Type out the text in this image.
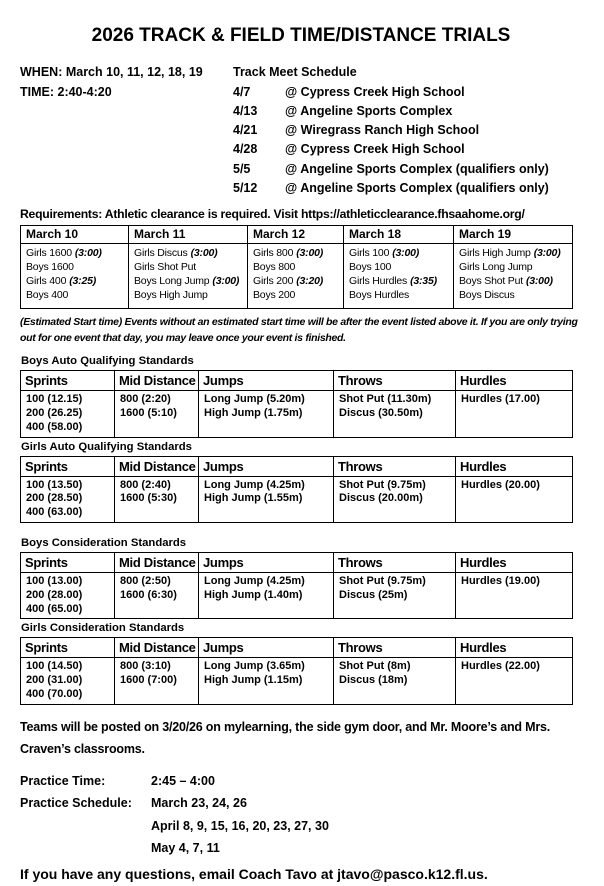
2026 TRACK & FIELD TIME/DISTANCE TRIALS
WHEN: March 10, 11, 12, 18, 19
TIME: 2:40-4:20
Track Meet Schedule
4/7	@ Cypress Creek High School
4/13	@ Angeline Sports Complex
4/21	@ Wiregrass Ranch High School
4/28	@ Cypress Creek High School
5/5	@ Angeline Sports Complex (qualifiers only)
5/12	@ Angeline Sports Complex (qualifiers only)
Requirements: Athletic clearance is required. Visit https://athleticclearance.fhsaahome.org/
March 10	March 11	March 12	March 18	March 19

Girls 1600 (3:00)
Boys 1600
Girls 400 (3:25)
Boys 400

Girls Discus (3:00)
Girls Shot Put
Boys Long Jump (3:00)
Boys High Jump

Girls 800 (3:00)
Boys 800
Girls 200 (3:20)
Boys 200

Girls 100 (3:00)
Boys 100
Girls Hurdles (3:35)
Boys Hurdles

Girls High Jump (3:00)
Girls Long Jump
Boys Shot Put (3:00)
Boys Discus
(Estimated Start time) Events without an estimated start time will be after the event listed above it. If you are only trying out for one event that day, you may leave once your event is finished.
Boys Auto Qualifying Standards
Sprints	Mid Distance	Jumps	Throws	Hurdles

100 (12.15)
200 (26.25)
400 (58.00)

800 (2:20)
1600 (5:10)

Long Jump (5.20m)
High Jump (1.75m)

Shot Put (11.30m)
Discus (30.50m)

Hurdles (17.00)
Girls Auto Qualifying Standards
Sprints	Mid Distance	Jumps	Throws	Hurdles

100 (13.50)
200 (28.50)
400 (63.00)

800 (2:40)
1600 (5:30)

Long Jump (4.25m)
High Jump (1.55m)

Shot Put (9.75m)
Discus (20.00m)

Hurdles (20.00)
Boys Consideration Standards
Sprints	Mid Distance	Jumps	Throws	Hurdles

100 (13.00)
200 (28.00)
400 (65.00)

800 (2:50)
1600 (6:30)

Long Jump (4.25m)
High Jump (1.40m)

Shot Put (9.75m)
Discus (25m)

Hurdles (19.00)
Girls Consideration Standards
Sprints	Mid Distance	Jumps	Throws	Hurdles

100 (14.50)
200 (31.00)
400 (70.00)

800 (3:10)
1600 (7:00)

Long Jump (3.65m)
High Jump (1.15m)

Shot Put (8m)
Discus (18m)

Hurdles (22.00)
Teams will be posted on 3/20/26 on mylearning, the side gym door, and Mr. Moore’s and Mrs. Craven’s classrooms.
Practice Time:	2:45 – 4:00
Practice Schedule:	March 23, 24, 26
April 8, 9, 15, 16, 20, 23, 27, 30
May 4, 7, 11
If you have any questions, email Coach Tavo at jtavo@pasco.k12.fl.us.
